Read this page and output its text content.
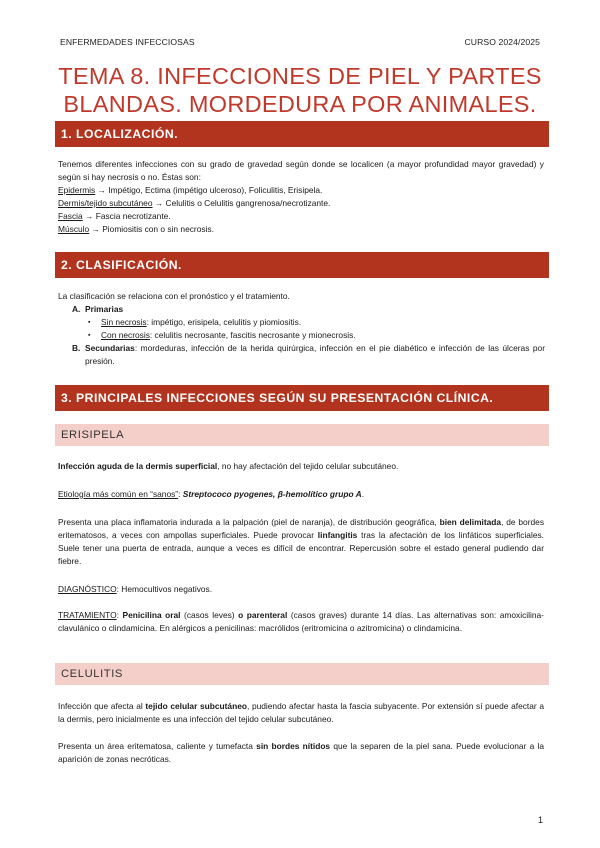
ENFERMEDADES INFECCIOSAS	CURSO 2024/2025
TEMA 8. INFECCIONES DE PIEL Y PARTES
BLANDAS. MORDEDURA POR ANIMALES.
1. LOCALIZACIÓN.
Tenemos diferentes infecciones con su grado de gravedad según donde se localicen (a mayor profundidad mayor gravedad) y según si hay necrosis o no. Éstas son:
Epidermis → Impétigo, Ectima (impétigo ulceroso), Foliculitis, Erisipela.
Dermis/tejido subcutáneo → Celulitis o Celulitis gangrenosa/necrotizante.
Fascia → Fascia necrotizante.
Músculo → Piomiositis con o sin necrosis.
2. CLASIFICACIÓN.
La clasificación se relaciona con el pronóstico y el tratamiento.
A. Primarias
▪ Sin necrosis: impétigo, erisipela, celulitis y piomiositis.
▪ Con necrosis: celulitis necrosante, fascitis necrosante y mionecrosis.
B. Secundarias: mordeduras, infección de la herida quirúrgica, infección en el pie diabético e infección de las úlceras por presión.
3. PRINCIPALES INFECCIONES SEGÚN SU PRESENTACIÓN CLÍNICA.
ERISIPELA
Infección aguda de la dermis superficial, no hay afectación del tejido celular subcutáneo.
Etiología más común en “sanos”: Streptococo pyogenes, β-hemolítico grupo A.
Presenta una placa inflamatoria indurada a la palpación (piel de naranja), de distribución geográfica, bien delimitada, de bordes eritematosos, a veces con ampollas superficiales. Puede provocar linfangitis tras la afectación de los linfáticos superficiales. Suele tener una puerta de entrada, aunque a veces es difícil de encontrar. Repercusión sobre el estado general pudiendo dar fiebre.
DIAGNÓSTICO: Hemocultivos negativos.
TRATAMIENTO: Penicilina oral (casos leves) o parenteral (casos graves) durante 14 días. Las alternativas son: amoxicilina-clavulánico o clindamicina. En alérgicos a penicilinas: macrólidos (eritromicina o azitromicina) o clindamicina.
CELULITIS
Infección que afecta al tejido celular subcutáneo, pudiendo afectar hasta la fascia subyacente. Por extensión sí puede afectar a la dermis, pero inicialmente es una infección del tejido celular subcutáneo.
Presenta un área eritematosa, caliente y tumefacta sin bordes nítidos que la separen de la piel sana. Puede evolucionar a la aparición de zonas necróticas.
1
